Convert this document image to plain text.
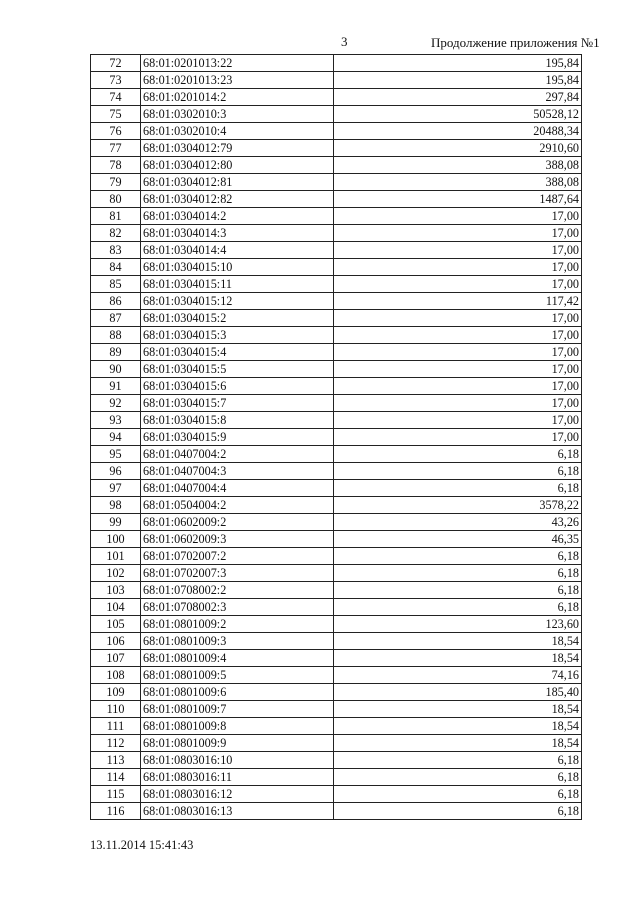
3	Продолжение приложения №1
72	68:01:0201013:22	195,84
73	68:01:0201013:23	195,84
74	68:01:0201014:2	297,84
75	68:01:0302010:3	50528,12
76	68:01:0302010:4	20488,34
77	68:01:0304012:79	2910,60
78	68:01:0304012:80	388,08
79	68:01:0304012:81	388,08
80	68:01:0304012:82	1487,64
81	68:01:0304014:2	17,00
82	68:01:0304014:3	17,00
83	68:01:0304014:4	17,00
84	68:01:0304015:10	17,00
85	68:01:0304015:11	17,00
86	68:01:0304015:12	117,42
87	68:01:0304015:2	17,00
88	68:01:0304015:3	17,00
89	68:01:0304015:4	17,00
90	68:01:0304015:5	17,00
91	68:01:0304015:6	17,00
92	68:01:0304015:7	17,00
93	68:01:0304015:8	17,00
94	68:01:0304015:9	17,00
95	68:01:0407004:2	6,18
96	68:01:0407004:3	6,18
97	68:01:0407004:4	6,18
98	68:01:0504004:2	3578,22
99	68:01:0602009:2	43,26
100	68:01:0602009:3	46,35
101	68:01:0702007:2	6,18
102	68:01:0702007:3	6,18
103	68:01:0708002:2	6,18
104	68:01:0708002:3	6,18
105	68:01:0801009:2	123,60
106	68:01:0801009:3	18,54
107	68:01:0801009:4	18,54
108	68:01:0801009:5	74,16
109	68:01:0801009:6	185,40
110	68:01:0801009:7	18,54
111	68:01:0801009:8	18,54
112	68:01:0801009:9	18,54
113	68:01:0803016:10	6,18
114	68:01:0803016:11	6,18
115	68:01:0803016:12	6,18
116	68:01:0803016:13	6,18
13.11.2014 15:41:43
